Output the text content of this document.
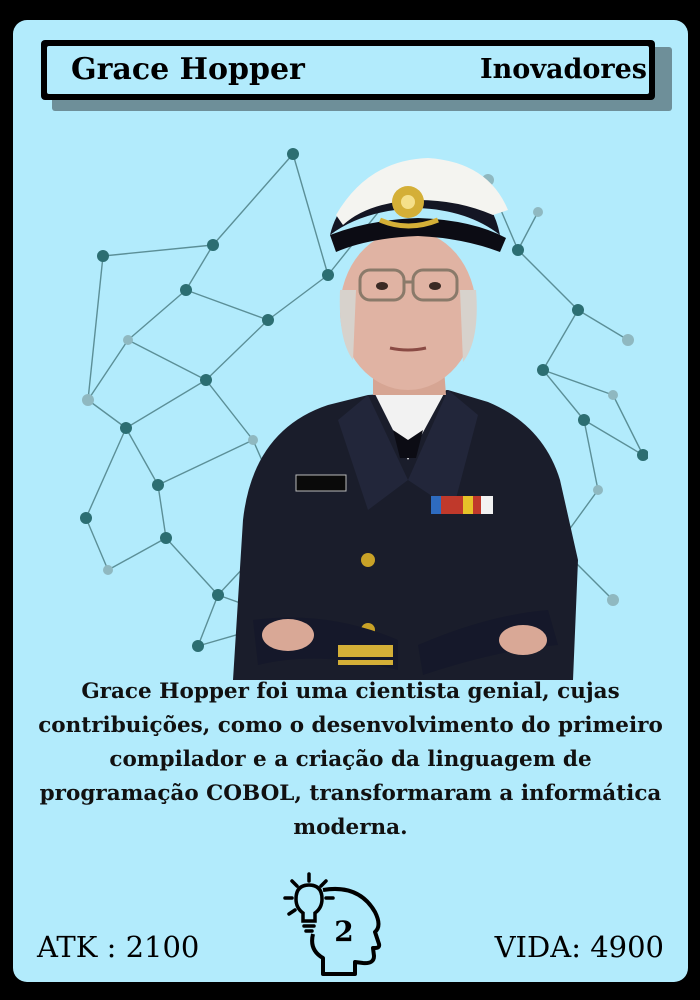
Grace Hopper	Inovadores
Grace Hopper foi uma cientista genial, cujas contribuições, como o desenvolvimento do primeiro compilador e a criação da linguagem de programação COBOL, transformaram a informática moderna.
2
ATK : 2100	VIDA: 4900
